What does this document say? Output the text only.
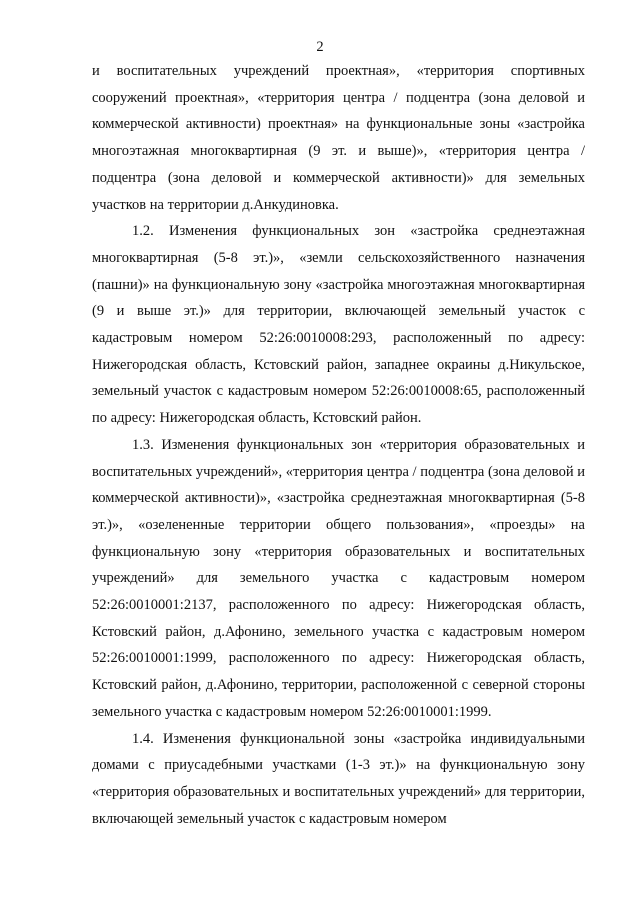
2

и воспитательных учреждений проектная», «территория спортивных сооружений проектная», «территория центра / подцентра (зона деловой и коммерческой активности) проектная» на функциональные зоны «застройка многоэтажная многоквартирная (9 эт. и выше)», «территория центра / подцентра (зона деловой и коммерческой активности)» для земельных участков на территории д.Анкудиновка.

1.2. Изменения функциональных зон «застройка среднеэтажная многоквартирная (5-8 эт.)», «земли сельскохозяйственного назначения (пашни)» на функциональную зону «застройка многоэтажная многоквартирная (9 и выше эт.)» для территории, включающей земельный участок с кадастровым номером 52:26:0010008:293, расположенный по адресу: Нижегородская область, Кстовский район, западнее окраины д.Никульское, земельный участок с кадастровым номером 52:26:0010008:65, расположенный по адресу: Нижегородская область, Кстовский район.

1.3. Изменения функциональных зон «территория образовательных и воспитательных учреждений», «территория центра / подцентра (зона деловой и коммерческой активности)», «застройка среднеэтажная многоквартирная (5-8 эт.)», «озелененные территории общего пользования», «проезды» на функциональную зону «территория образовательных и воспитательных учреждений» для земельного участка с кадастровым номером 52:26:0010001:2137, расположенного по адресу: Нижегородская область, Кстовский район, д.Афонино, земельного участка с кадастровым номером 52:26:0010001:1999, расположенного по адресу: Нижегородская область, Кстовский район, д.Афонино, территории, расположенной с северной стороны земельного участка с кадастровым номером 52:26:0010001:1999.

1.4. Изменения функциональной зоны «застройка индивидуальными домами с приусадебными участками (1-3 эт.)» на функциональную зону «территория образовательных и воспитательных учреждений» для территории, включающей земельный участок с кадастровым номером
